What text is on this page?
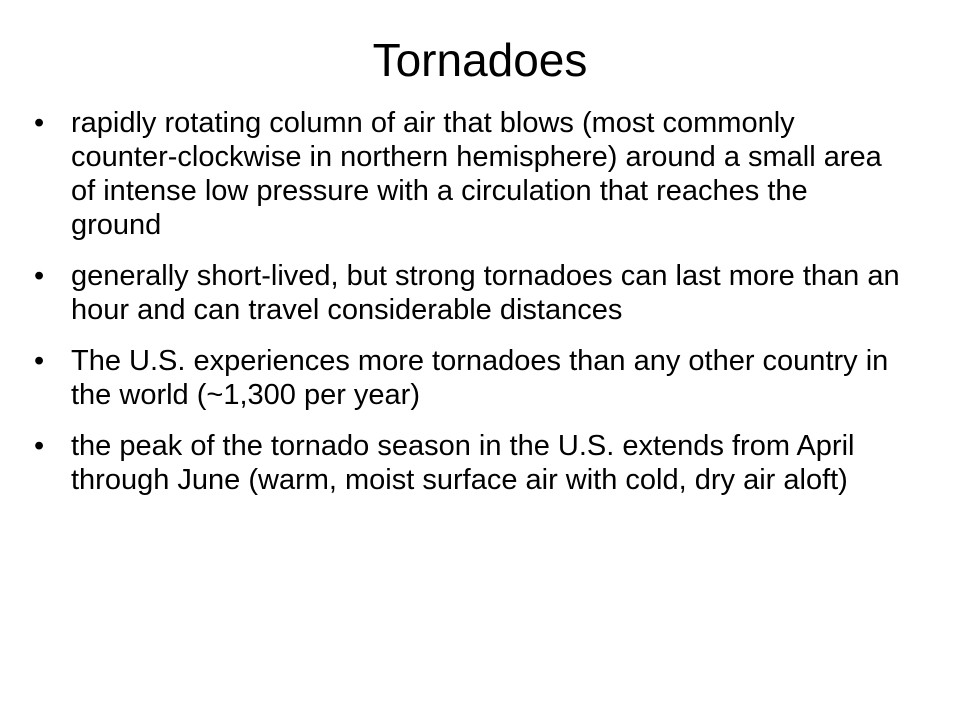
Tornadoes
• rapidly rotating column of air that blows (most commonly counter-clockwise in northern hemisphere) around a small area of intense low pressure with a circulation that reaches the ground
• generally short-lived, but strong tornadoes can last more than an hour and can travel considerable distances
• The U.S. experiences more tornadoes than any other country in the world (~1,300 per year)
• the peak of the tornado season in the U.S. extends from April through June (warm, moist surface air with cold, dry air aloft)
